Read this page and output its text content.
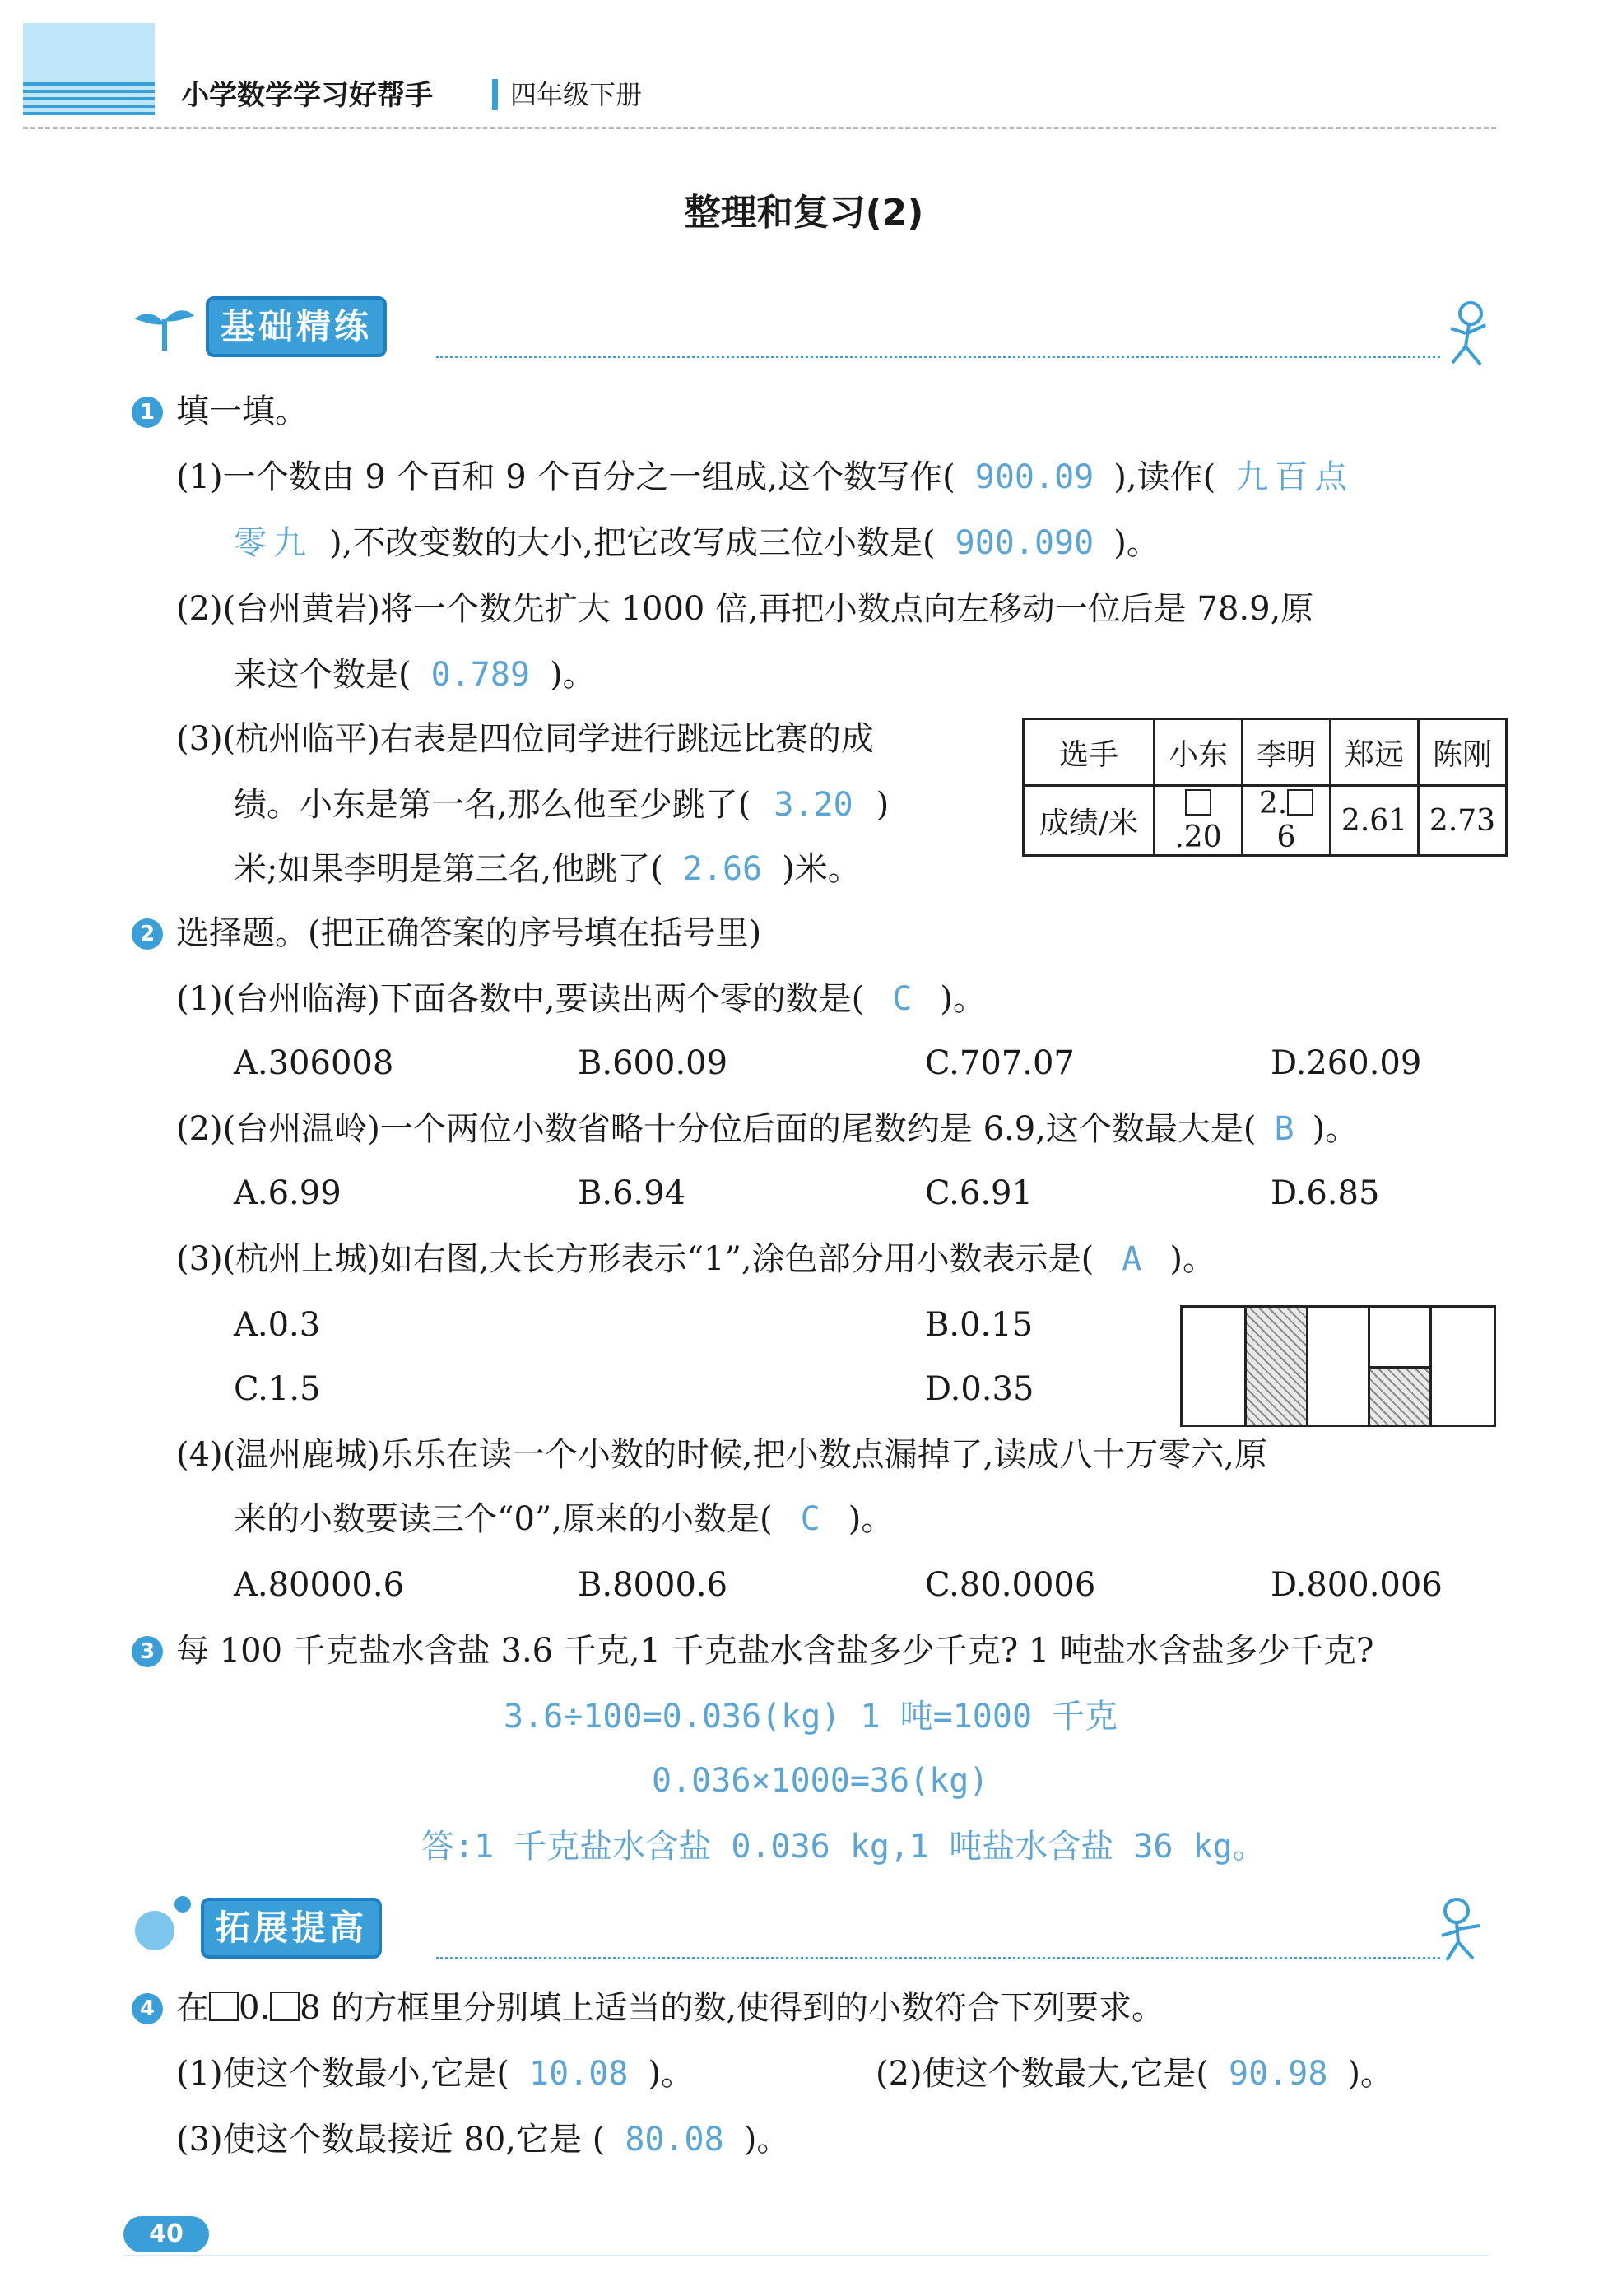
小学数学学习好帮手	四年级下册
整理和复习(2)
基础精练
1 填一填。
(1)一个数由 9 个百和 9 个百分之一组成,这个数写作( 900.09 ),读作( 九百点
零九 ),不改变数的大小,把它改写成三位小数是( 900.090 )。
(2)(台州黄岩)将一个数先扩大 1000 倍,再把小数点向左移动一位后是 78.9,原
来这个数是( 0.789 )。
(3)(杭州临平)右表是四位同学进行跳远比赛的成
绩。小东是第一名,那么他至少跳了( 3.20 )
米;如果李明是第三名,他跳了( 2.66 )米。
选手	小东	李明	郑远	陈刚
成绩/米	.20	2.6	2.61	2.73
2 选择题。(把正确答案的序号填在括号里)
(1)(台州临海)下面各数中,要读出两个零的数是( C )。
A.306008	B.600.09	C.707.07	D.260.09
(2)(台州温岭)一个两位小数省略十分位后面的尾数约是 6.9,这个数最大是( B )。
A.6.99	B.6.94	C.6.91	D.6.85
(3)(杭州上城)如右图,大长方形表示“1”,涂色部分用小数表示是( A )。
A.0.3	B.0.15
C.1.5	D.0.35
(4)(温州鹿城)乐乐在读一个小数的时候,把小数点漏掉了,读成八十万零六,原
来的小数要读三个“0”,原来的小数是( C )。
A.80000.6	B.8000.6	C.80.0006	D.800.006
3 每 100 千克盐水含盐 3.6 千克,1 千克盐水含盐多少千克? 1 吨盐水含盐多少千克?
3.6÷100=0.036(kg) 1 吨=1000 千克
0.036×1000=36(kg)
答:1 千克盐水含盐 0.036 kg,1 吨盐水含盐 36 kg。
拓展提高
4 在 0. 8 的方框里分别填上适当的数,使得到的小数符合下列要求。
(1)使这个数最小,它是( 10.08 )。	(2)使这个数最大,它是( 90.98 )。
(3)使这个数最接近 80,它是 ( 80.08 )。
40
